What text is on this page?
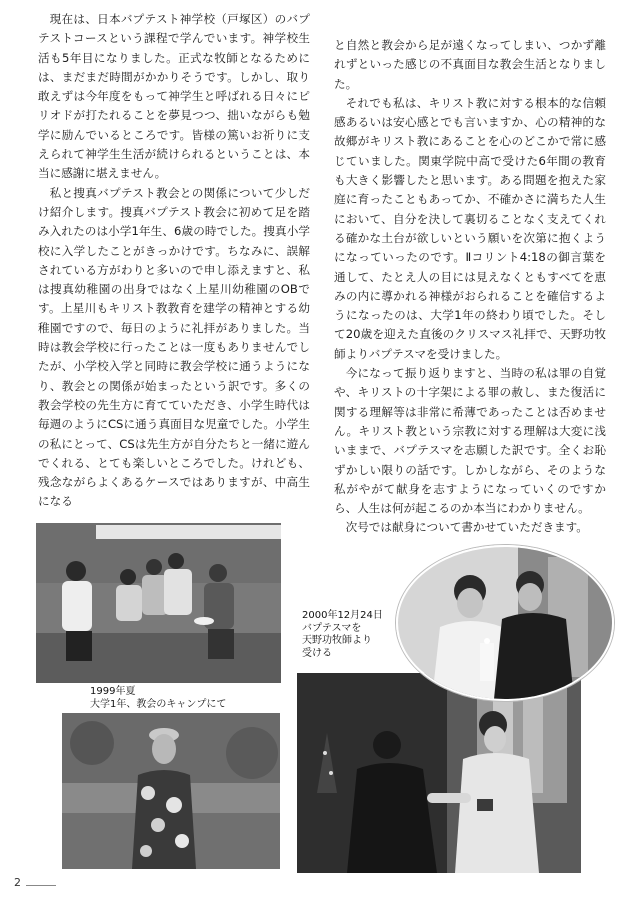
現在は、日本バプテスト神学校（戸塚区）のバプテストコースという課程で学んでいます。神学校生活も5年目になりました。正式な牧師となるためには、まだまだ時間がかかりそうです。しかし、取り敢えずは今年度をもって神学生と呼ばれる日々にピリオドが打たれることを夢見つつ、拙いながらも勉学に励んでいるところです。皆様の篤いお祈りに支えられて神学生生活が続けられるということは、本当に感謝に堪えません。

私と捜真バプテスト教会との関係について少しだけ紹介します。捜真バプテスト教会に初めて足を踏み入れたのは小学1年生、6歳の時でした。捜真小学校に入学したことがきっかけです。ちなみに、誤解されている方がわりと多いので申し添えますと、私は捜真幼稚園の出身ではなく上星川幼稚園のOBです。上星川もキリスト教教育を建学の精神とする幼稚園ですので、毎日のように礼拝がありました。当時は教会学校に行ったことは一度もありませんでしたが、小学校入学と同時に教会学校に通うようになり、教会との関係が始まったという訳です。多くの教会学校の先生方に育てていただき、小学生時代は毎週のようにCSに通う真面目な児童でした。小学生の私にとって、CSは先生方が自分たちと一緒に遊んでくれる、とても楽しいところでした。けれども、残念ながらよくあるケースではありますが、中高生になる

と自然と教会から足が遠くなってしまい、つかず離れずといった感じの不真面目な教会生活となりました。

それでも私は、キリスト教に対する根本的な信頼感あるいは安心感とでも言いますか、心の精神的な故郷がキリスト教にあることを心のどこかで常に感じていました。関東学院中高で受けた6年間の教育も大きく影響したと思います。ある問題を抱えた家庭に育ったこともあってか、不確かさに満ちた人生において、自分を決して裏切ることなく支えてくれる確かな土台が欲しいという願いを次第に抱くようになっていったのです。Ⅱコリント4:18の御言葉を通して、たとえ人の目には見えなくともすべてを恵みの内に導かれる神様がおられることを確信するようになったのは、大学1年の終わり頃でした。そして20歳を迎えた直後のクリスマス礼拝で、天野功牧師よりバプテスマを受けました。

今になって振り返りますと、当時の私は罪の自覚や、キリストの十字架による罪の赦し、また復活に関する理解等は非常に希薄であったことは否めません。キリスト教という宗教に対する理解は大変に浅いままで、バプテスマを志願した訳です。全くお恥ずかしい限りの話です。しかしながら、そのような私がやがて献身を志すようになっていくのですから、人生は何が起こるのか本当にわかりません。

次号では献身について書かせていただきます。

1999年夏
大学1年、教会のキャンプにて
2000年12月24日
バプテスマを
天野功牧師より
受ける
2
